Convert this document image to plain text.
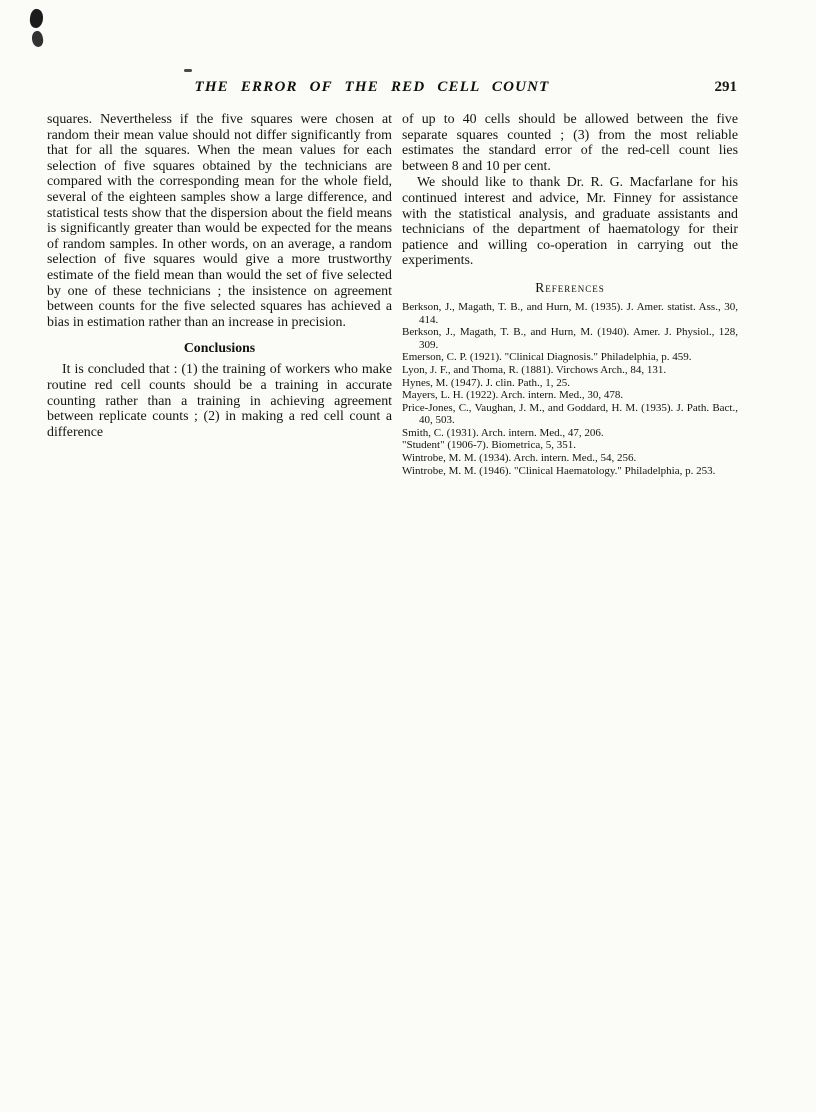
THE ERROR OF THE RED CELL COUNT	291

squares. Nevertheless if the five squares were chosen at random their mean value should not differ significantly from that for all the squares. When the mean values for each selection of five squares obtained by the technicians are compared with the corresponding mean for the whole field, several of the eighteen samples show a large difference, and statistical tests show that the dispersion about the field means is significantly greater than would be expected for the means of random samples. In other words, on an average, a random selection of five squares would give a more trustworthy estimate of the field mean than would the set of five selected by one of these technicians ; the insistence on agreement between counts for the five selected squares has achieved a bias in estimation rather than an increase in precision.

Conclusions

It is concluded that : (1) the training of workers who make routine red cell counts should be a training in accurate counting rather than a training in achieving agreement between replicate counts ; (2) in making a red cell count a difference

of up to 40 cells should be allowed between the five separate squares counted ; (3) from the most reliable estimates the standard error of the red-cell count lies between 8 and 10 per cent.

We should like to thank Dr. R. G. Macfarlane for his continued interest and advice, Mr. Finney for assistance with the statistical analysis, and graduate assistants and technicians of the department of haematology for their patience and willing co-operation in carrying out the experiments.

References
Berkson, J., Magath, T. B., and Hurn, M. (1935). J. Amer. statist. Ass., 30, 414.
Berkson, J., Magath, T. B., and Hurn, M. (1940). Amer. J. Physiol., 128, 309.
Emerson, C. P. (1921). "Clinical Diagnosis." Philadelphia, p. 459.
Lyon, J. F., and Thoma, R. (1881). Virchows Arch., 84, 131.
Hynes, M. (1947). J. clin. Path., 1, 25.
Mayers, L. H. (1922). Arch. intern. Med., 30, 478.
Price-Jones, C., Vaughan, J. M., and Goddard, H. M. (1935). J. Path. Bact., 40, 503.
Smith, C. (1931). Arch. intern. Med., 47, 206.
"Student" (1906-7). Biometrica, 5, 351.
Wintrobe, M. M. (1934). Arch. intern. Med., 54, 256.
Wintrobe, M. M. (1946). "Clinical Haematology." Philadelphia, p. 253.
